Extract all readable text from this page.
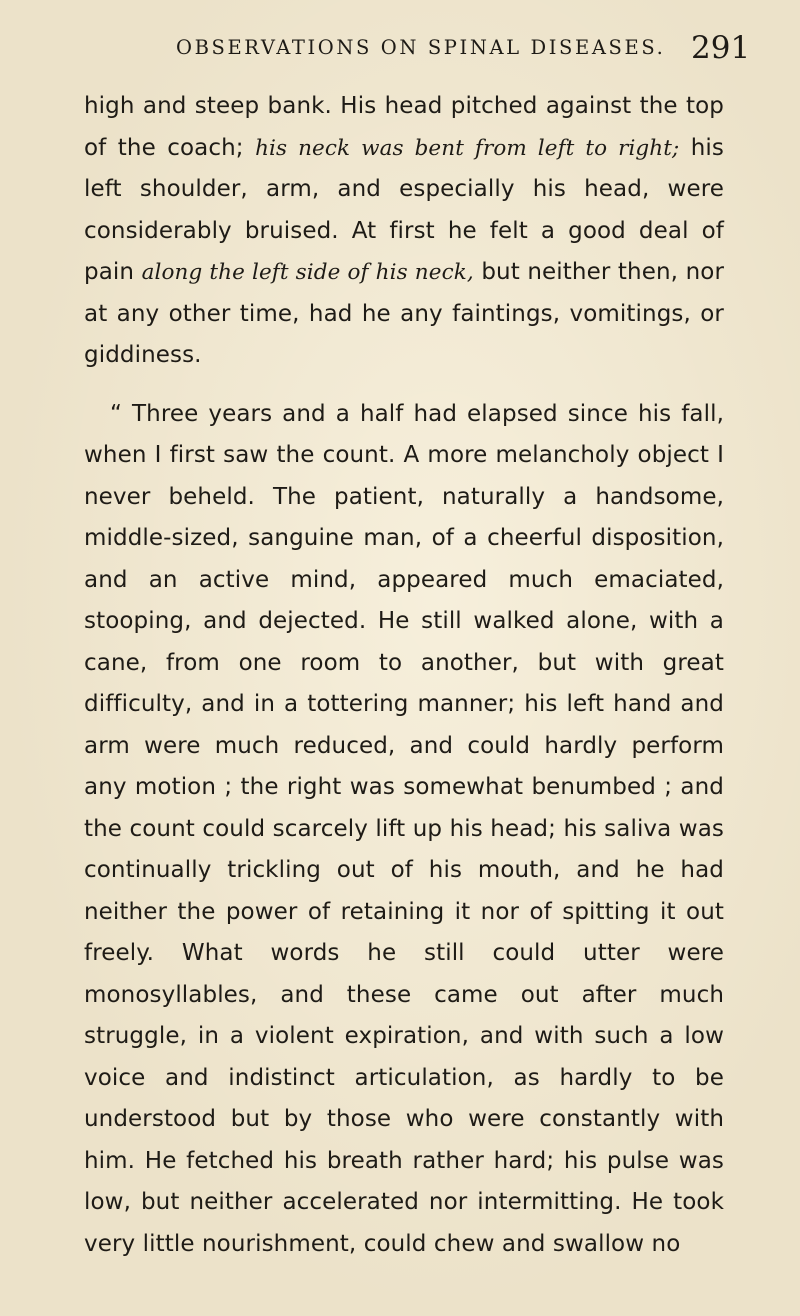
OBSERVATIONS ON SPINAL DISEASES. 291

high and steep bank. His head pitched against the top of the coach; his neck was bent from left to right; his left shoulder, arm, and especially his head, were considerably bruised. At first he felt a good deal of pain along the left side of his neck, but neither then, nor at any other time, had he any faintings, vomitings, or giddiness.

“ Three years and a half had elapsed since his fall, when I first saw the count. A more melancholy object I never beheld. The patient, naturally a handsome, middle-sized, sanguine man, of a cheerful disposition, and an active mind, appeared much emaciated, stooping, and dejected. He still walked alone, with a cane, from one room to another, but with great difficulty, and in a tottering manner; his left hand and arm were much reduced, and could hardly perform any motion ; the right was somewhat benumbed ; and the count could scarcely lift up his head; his saliva was continually trickling out of his mouth, and he had neither the power of retaining it nor of spitting it out freely. What words he still could utter were monosyllables, and these came out after much struggle, in a violent expiration, and with such a low voice and indistinct articulation, as hardly to be understood but by those who were constantly with him. He fetched his breath rather hard; his pulse was low, but neither accelerated nor intermitting. He took very little nourishment, could chew and swallow no
